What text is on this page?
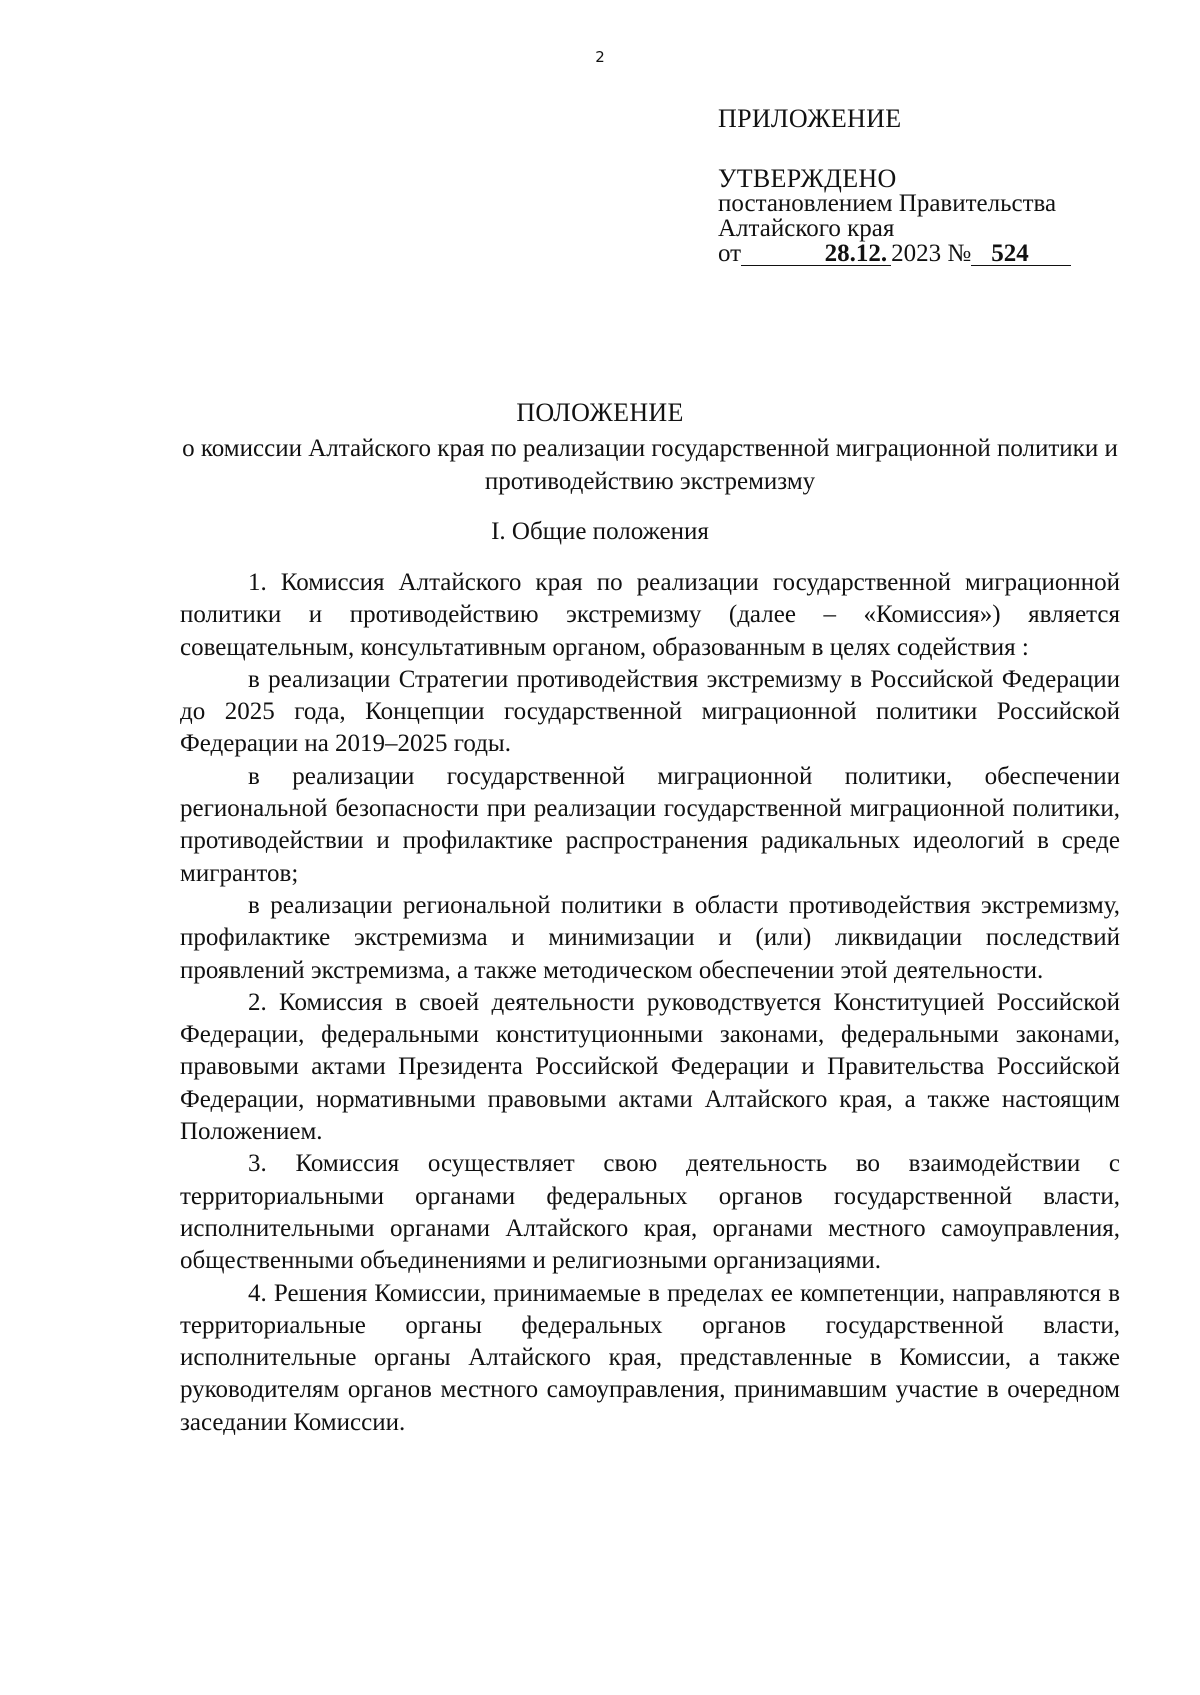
2
ПРИЛОЖЕНИЕ
УТВЕРЖДЕНО
постановлением Правительства
Алтайского края
от	28.12. 2023 № 524
ПОЛОЖЕНИЕ
о комиссии Алтайского края по реализации государственной миграционной политики и противодействию экстремизму
I. Общие положения

1. Комиссия Алтайского края по реализации государственной миграционной политики и противодействию экстремизму (далее – «Комиссия») является совещательным, консультативным органом, образованным в целях содействия :

в реализации Стратегии противодействия экстремизму в Российской Федерации до 2025 года, Концепции государственной миграционной политики Российской Федерации на 2019–2025 годы.

в реализации государственной миграционной политики, обеспечении региональной безопасности при реализации государственной миграционной политики, противодействии и профилактике распространения радикальных идеологий в среде мигрантов;

в реализации региональной политики в области противодействия экстремизму, профилактике экстремизма и минимизации и (или) ликвидации последствий проявлений экстремизма, а также методическом обеспечении этой деятельности.

2. Комиссия в своей деятельности руководствуется Конституцией Российской Федерации, федеральными конституционными законами, федеральными законами, правовыми актами Президента Российской Федерации и Правительства Российской Федерации, нормативными правовыми актами Алтайского края, а также настоящим Положением.

3. Комиссия осуществляет свою деятельность во взаимодействии с территориальными органами федеральных органов государственной власти, исполнительными органами Алтайского края, органами местного самоуправления, общественными объединениями и религиозными организациями.

4. Решения Комиссии, принимаемые в пределах ее компетенции, направляются в территориальные органы федеральных органов государственной власти, исполнительные органы Алтайского края, представленные в Комиссии, а также руководителям органов местного самоуправления, принимавшим участие в очередном заседании Комиссии.
